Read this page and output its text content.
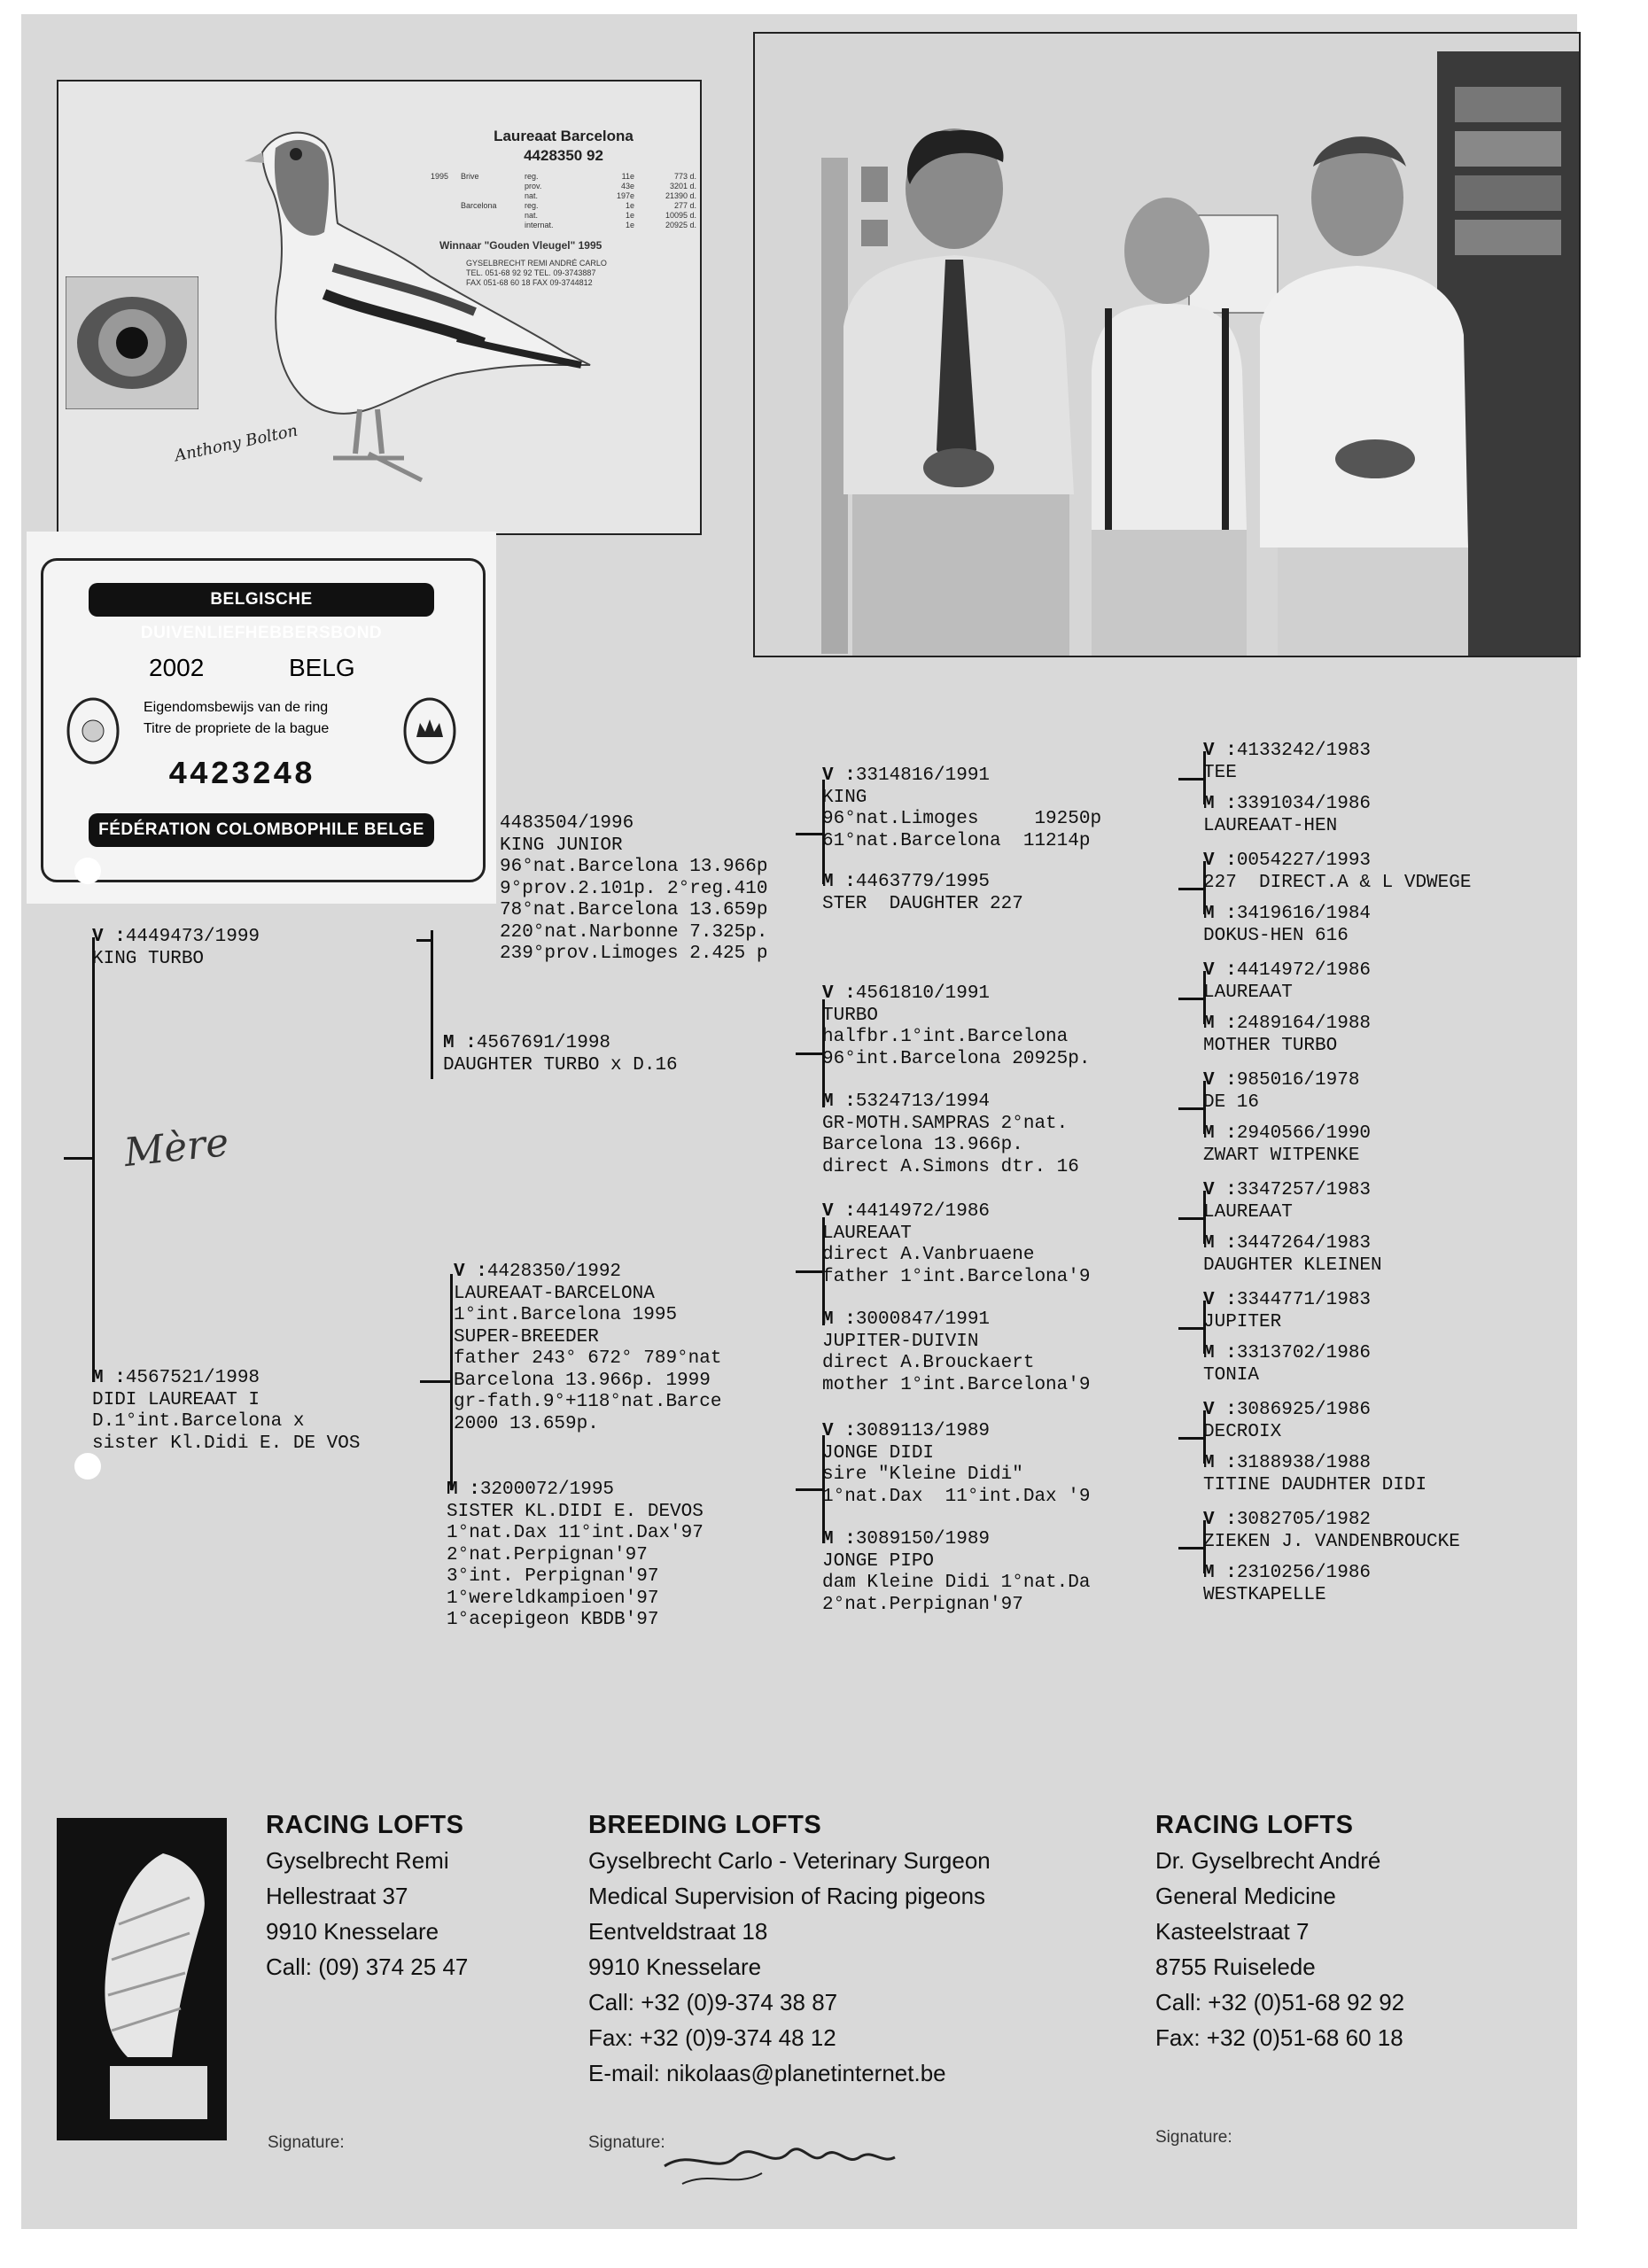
Laureaat Barcelona
4428350 92
1995	Brive	reg.	11e	773 d.
prov.	43e	3201 d.
nat.	197e	21390 d.
Barcelona	reg.	1e	277 d.
nat.	1e	10095 d.
internat.	1e	20925 d.
Winnaar "Gouden Vleugel" 1995
GYSELBRECHT REMI ANDRÉ CARLO
TEL. 051-68 92 92 TEL. 09-3743887
FAX 051-68 60 18 FAX 09-3744812
Anthony Bolton
BELGISCHE DUIVENLIEFHEBBERSBOND
2002	BELG
Eigendomsbewijs van de ring
Titre de propriete de la bague
4423248
FÉDÉRATION COLOMBOPHILE BELGE
Mère
V :4449473/1999
KING TURBO
M :4567521/1998
DIDI LAUREAAT I
D.1°int.Barcelona x
sister Kl.Didi E. DE VOS
4483504/1996
KING JUNIOR
96°nat.Barcelona 13.966p
9°prov.2.101p. 2°reg.410
78°nat.Barcelona 13.659p
220°nat.Narbonne 7.325p.
239°prov.Limoges 2.425 p
M :4567691/1998
DAUGHTER TURBO x D.16
V :4428350/1992
LAUREAAT-BARCELONA
1°int.Barcelona 1995
SUPER-BREEDER
father 243° 672° 789°nat
Barcelona 13.966p. 1999
gr-fath.9°+118°nat.Barce
2000 13.659p.
M :3200072/1995
SISTER KL.DIDI E. DEVOS
1°nat.Dax 11°int.Dax'97
2°nat.Perpignan'97
3°int. Perpignan'97
1°wereldkampioen'97
1°acepigeon KBDB'97
V :3314816/1991
KING
96°nat.Limoges     19250p
61°nat.Barcelona  11214p
M :4463779/1995
STER  DAUGHTER 227
V :4561810/1991
TURBO
halfbr.1°int.Barcelona
96°int.Barcelona 20925p.
M :5324713/1994
GR-MOTH.SAMPRAS 2°nat.
Barcelona 13.966p.
direct A.Simons dtr. 16
V :4414972/1986
LAUREAAT
direct A.Vanbruaene
father 1°int.Barcelona'9
M :3000847/1991
JUPITER-DUIVIN
direct A.Brouckaert
mother 1°int.Barcelona'9
V :3089113/1989
JONGE DIDI
sire "Kleine Didi"
1°nat.Dax  11°int.Dax '9
M :3089150/1989
JONGE PIPO
dam Kleine Didi 1°nat.Da
2°nat.Perpignan'97
V :4133242/1983
TEE
M :3391034/1986
LAUREAAT-HEN
V :0054227/1993
227  DIRECT.A & L VDWEGE
M :3419616/1984
DOKUS-HEN 616
V :4414972/1986
LAUREAAT
M :2489164/1988
MOTHER TURBO
V :985016/1978
DE 16
M :2940566/1990
ZWART WITPENKE
V :3347257/1983
LAUREAAT
M :3447264/1983
DAUGHTER KLEINEN
V :3344771/1983
JUPITER
M :3313702/1986
TONIA
V :3086925/1986
DECROIX
M :3188938/1988
TITINE DAUDHTER DIDI
V :3082705/1982
ZIEKEN J. VANDENBROUCKE
M :2310256/1986
WESTKAPELLE
RACING LOFTS
Gyselbrecht Remi
Hellestraat 37
9910 Knesselare
Call: (09) 374 25 47
BREEDING LOFTS
Gyselbrecht Carlo - Veterinary Surgeon
Medical Supervision of Racing pigeons
Eentveldstraat 18
9910 Knesselare
Call: +32 (0)9-374 38 87
Fax: +32 (0)9-374 48 12
E-mail: nikolaas@planetinternet.be
RACING LOFTS
Dr. Gyselbrecht André
General Medicine
Kasteelstraat 7
8755 Ruiselede
Call: +32 (0)51-68 92 92
Fax: +32 (0)51-68 60 18
Signature:	Signature:	Signature:
